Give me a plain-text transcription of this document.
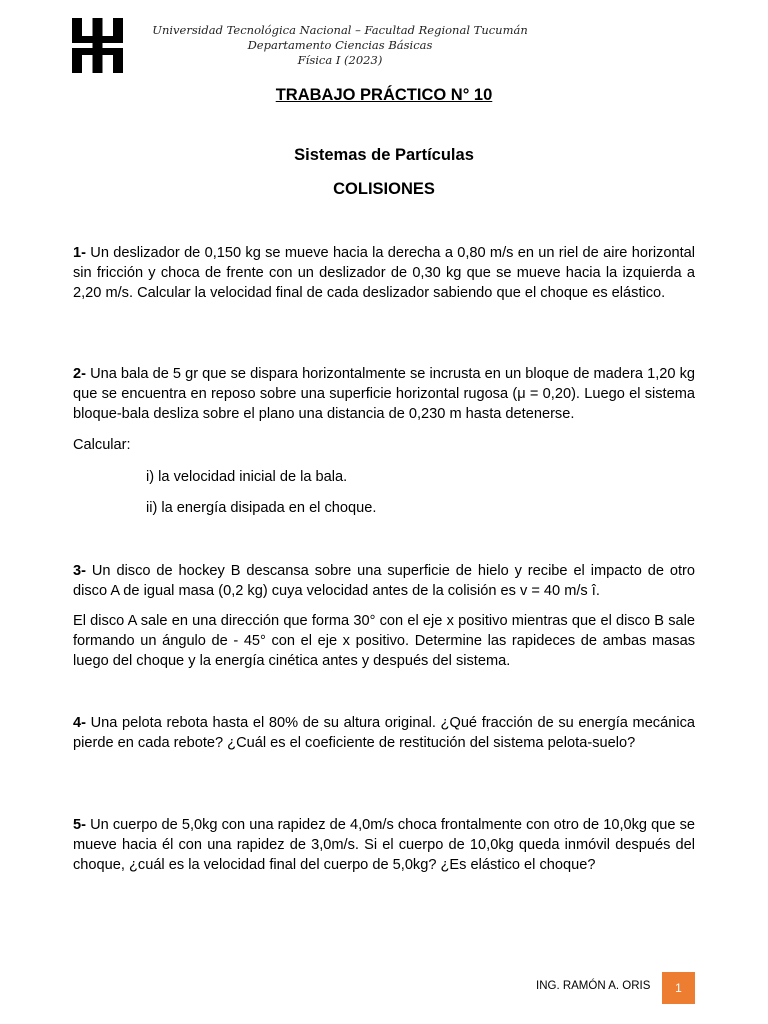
Universidad Tecnológica Nacional – Facultad Regional Tucumán
Departamento Ciencias Básicas
Física I (2023)
TRABAJO PRÁCTICO N° 10
Sistemas de Partículas
COLISIONES
1- Un deslizador de 0,150 kg se mueve hacia la derecha a 0,80 m/s en un riel de aire horizontal sin fricción y choca de frente con un deslizador de 0,30 kg que se mueve hacia la izquierda a 2,20 m/s. Calcular la velocidad final de cada deslizador sabiendo que el choque es elástico.
2- Una bala de 5 gr que se dispara horizontalmente se incrusta en un bloque de madera 1,20 kg que se encuentra en reposo sobre una superficie horizontal rugosa (μ = 0,20). Luego el sistema bloque-bala desliza sobre el plano una distancia de 0,230 m hasta detenerse.
Calcular:
i) la velocidad inicial de la bala.
ii) la energía disipada en el choque.
3- Un disco de hockey B descansa sobre una superficie de hielo y recibe el impacto de otro disco A de igual masa (0,2 kg) cuya velocidad antes de la colisión es v = 40 m/s î.
El disco A sale en una dirección que forma 30° con el eje x positivo mientras que el disco B sale formando un ángulo de - 45° con el eje x positivo. Determine las rapideces de ambas masas luego del choque y la energía cinética antes y después del sistema.
4- Una pelota rebota hasta el 80% de su altura original. ¿Qué fracción de su energía mecánica pierde en cada rebote? ¿Cuál es el coeficiente de restitución del sistema pelota-suelo?
5- Un cuerpo de 5,0kg con una rapidez de 4,0m/s choca frontalmente con otro de 10,0kg que se mueve hacia él con una rapidez de 3,0m/s. Si el cuerpo de 10,0kg queda inmóvil después del choque, ¿cuál es la velocidad final del cuerpo de 5,0kg? ¿Es elástico el choque?
ING. RAMÓN A. ORIS	1
